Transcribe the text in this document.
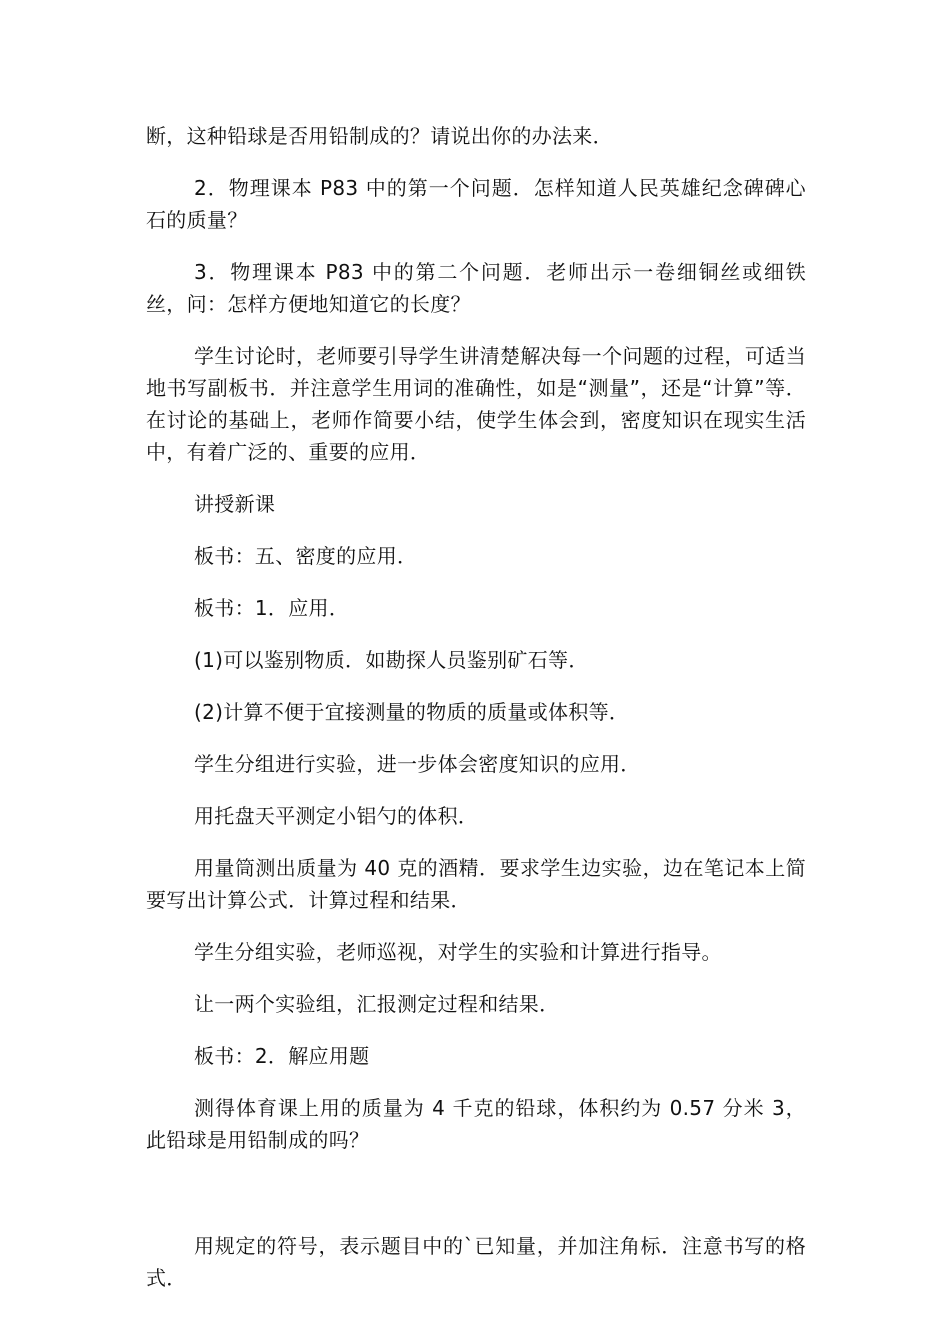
断，这种铅球是否用铅制成的？请说出你的办法来．

2．物理课本 P83 中的第一个问题．怎样知道人民英雄纪念碑碑心石的质量？

3．物理课本 P83 中的第二个问题．老师出示一卷细铜丝或细铁丝，问：怎样方便地知道它的长度？

学生讨论时，老师要引导学生讲清楚解决每一个问题的过程，可适当地书写副板书．并注意学生用词的准确性，如是“测量”，还是“计算”等．在讨论的基础上，老师作简要小结，使学生体会到，密度知识在现实生活中，有着广泛的、重要的应用．

讲授新课

板书：五、密度的应用．

板书：1．应用．

(1)可以鉴别物质．如勘探人员鉴别矿石等．

(2)计算不便于宜接测量的物质的质量或体积等．

学生分组进行实验，进一步体会密度知识的应用．

用托盘天平测定小铝勺的体积．

用量筒测出质量为 40 克的酒精．要求学生边实验，边在笔记本上简要写出计算公式．计算过程和结果．

学生分组实验，老师巡视，对学生的实验和计算进行指导。

让一两个实验组，汇报测定过程和结果．

板书：2．解应用题

测得体育课上用的质量为 4 千克的铅球，体积约为 0.57 分米 3，此铅球是用铅制成的吗？

用规定的符号，表示题目中的`已知量，并加注角标．注意书写的格式．
